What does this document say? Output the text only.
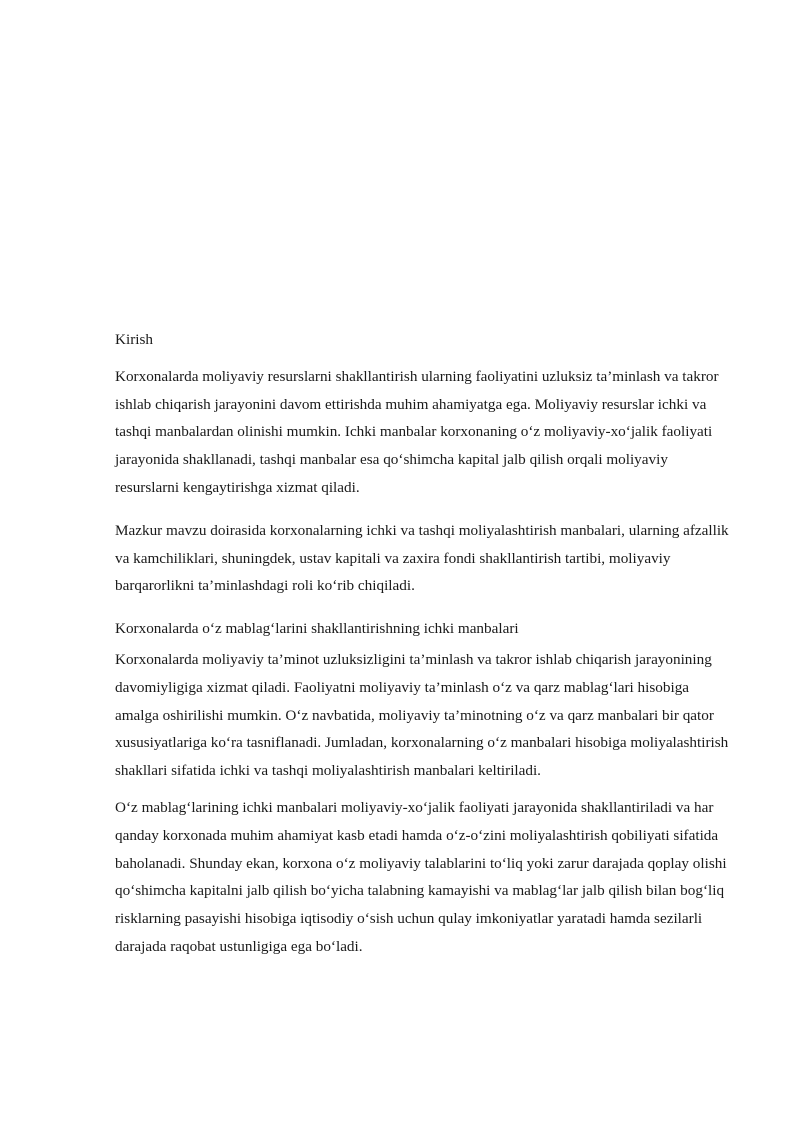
Kirish

Korxonalarda moliyaviy resurslarni shakllantirish ularning faoliyatini uzluksiz ta’minlash va takror ishlab chiqarish jarayonini davom ettirishda muhim ahamiyatga ega. Moliyaviy resurslar ichki va tashqi manbalardan olinishi mumkin. Ichki manbalar korxonaning o‘z moliyaviy-xo‘jalik faoliyati jarayonida shakllanadi, tashqi manbalar esa qo‘shimcha kapital jalb qilish orqali moliyaviy resurslarni kengaytirishga xizmat qiladi.

Mazkur mavzu doirasida korxonalarning ichki va tashqi moliyalashtirish manbalari, ularning afzallik va kamchiliklari, shuningdek, ustav kapitali va zaxira fondi shakllantirish tartibi, moliyaviy barqarorlikni ta’minlashdagi roli ko‘rib chiqiladi.

Korxonalarda o‘z mablag‘larini shakllantirishning ichki manbalari

Korxonalarda moliyaviy ta’minot uzluksizligini ta’minlash va takror ishlab chiqarish jarayonining davomiyligiga xizmat qiladi. Faoliyatni moliyaviy ta’minlash o‘z va qarz mablag‘lari hisobiga amalga oshirilishi mumkin. O‘z navbatida, moliyaviy ta’minotning o‘z va qarz manbalari bir qator xususiyatlariga ko‘ra tasniflanadi. Jumladan, korxonalarning o‘z manbalari hisobiga moliyalashtirish shakllari sifatida ichki va tashqi moliyalashtirish manbalari keltiriladi.

O‘z mablag‘larining ichki manbalari moliyaviy-xo‘jalik faoliyati jarayonida shakllantiriladi va har qanday korxonada muhim ahamiyat kasb etadi hamda o‘z-o‘zini moliyalashtirish qobiliyati sifatida baholanadi. Shunday ekan, korxona o‘z moliyaviy talablarini to‘liq yoki zarur darajada qoplay olishi qo‘shimcha kapitalni jalb qilish bo‘yicha talabning kamayishi va mablag‘lar jalb qilish bilan bog‘liq risklarning pasayishi hisobiga iqtisodiy o‘sish uchun qulay imkoniyatlar yaratadi hamda sezilarli darajada raqobat ustunligiga ega bo‘ladi.
